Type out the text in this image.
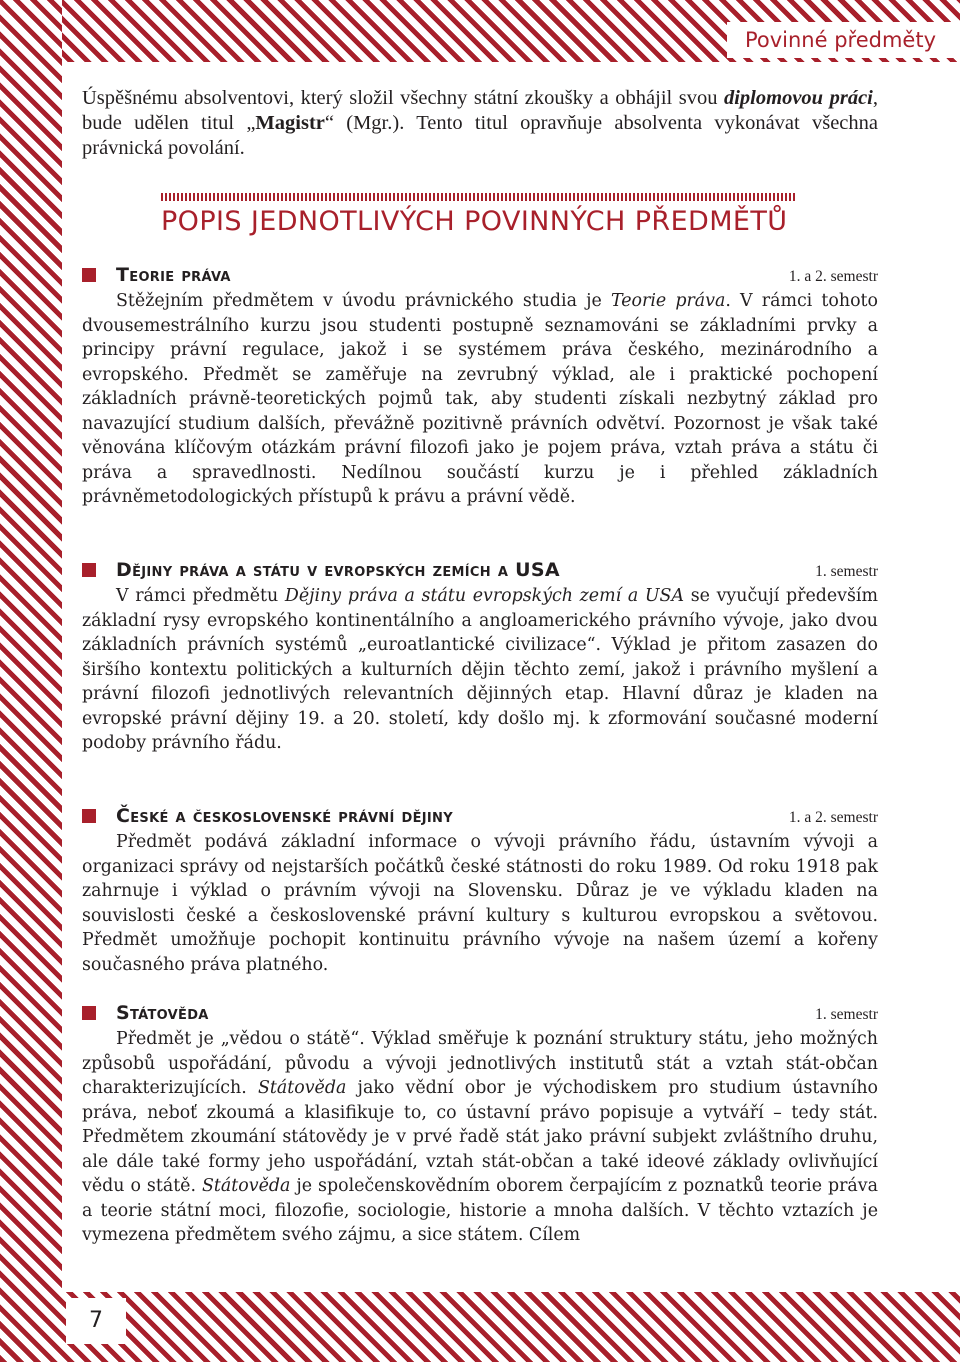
Povinné předměty
7

Úspěšnému absolventovi, který složil všechny státní zkoušky a obhájil svou diplomovou práci, bude udělen titul „Magistr“ (Mgr.). Tento titul opravňuje absolventa vykonávat všechna právnická povolání.

POPIS JEDNOTLIVÝCH POVINNÝCH PŘEDMĚTŮ
Teorie práva	1. a 2. semestr

Stěžejním předmětem v úvodu právnického studia je Teorie práva. V rámci tohoto dvousemestrálního kurzu jsou studenti postupně seznamováni se základními prvky a principy právní regulace, jakož i se systémem práva českého, mezinárodního a evropského. Předmět se zaměřuje na zevrubný výklad, ale i praktické pochopení základních právně-teoretických pojmů tak, aby studenti získali nezbytný základ pro navazující studium dalších, převážně pozitivně právních odvětví. Pozornost je však také věnována klíčovým otázkám právní filozofi jako je pojem práva, vztah práva a státu či práva a spravedlnosti. Nedílnou součástí kurzu je i přehled základních právněmetodologických přístupů k právu a právní vědě.

Dějiny práva a státu v evropských zemích a USA	1. semestr

V rámci předmětu Dějiny práva a státu evropských zemí a USA se vyučují především základní rysy evropského kontinentálního a angloamerického právního vývoje, jako dvou základních právních systémů „euroatlantické civilizace“. Výklad je přitom zasazen do širšího kontextu politických a kulturních dějin těchto zemí, jakož i právního myšlení a právní filozofi jednotlivých relevantních dějinných etap. Hlavní důraz je kladen na evropské právní dějiny 19. a 20. století, kdy došlo mj. k zformování současné moderní podoby právního řádu.

České a československé právní dějiny	1. a 2. semestr

Předmět podává základní informace o vývoji právního řádu, ústavním vývoji a organizaci správy od nejstarších počátků české státnosti do roku 1989. Od roku 1918 pak zahrnuje i výklad o právním vývoji na Slovensku. Důraz je ve výkladu kladen na souvislosti české a československé právní kultury s kulturou evropskou a světovou. Předmět umožňuje pochopit kontinuitu právního vývoje na našem území a kořeny současného práva platného.

Státověda	1. semestr

Předmět je „vědou o státě“. Výklad směřuje k poznání struktury státu, jeho možných způsobů uspořádání, původu a vývoji jednotlivých institutů stát a vztah stát-občan charakterizujících. Státověda jako vědní obor je východiskem pro studium ústavního práva, neboť zkoumá a klasifikuje to, co ústavní právo popisuje a vytváří – tedy stát. Předmětem zkoumání státovědy je v prvé řadě stát jako právní subjekt zvláštního druhu, ale dále také formy jeho uspořádání, vztah stát-občan a také ideové základy ovlivňující vědu o státě. Státověda je společenskovědním oborem čerpajícím z poznatků teorie práva a teorie státní moci, filozofie, sociologie, historie a mnoha dalších. V těchto vztazích je vymezena předmětem svého zájmu, a sice státem. Cílem
